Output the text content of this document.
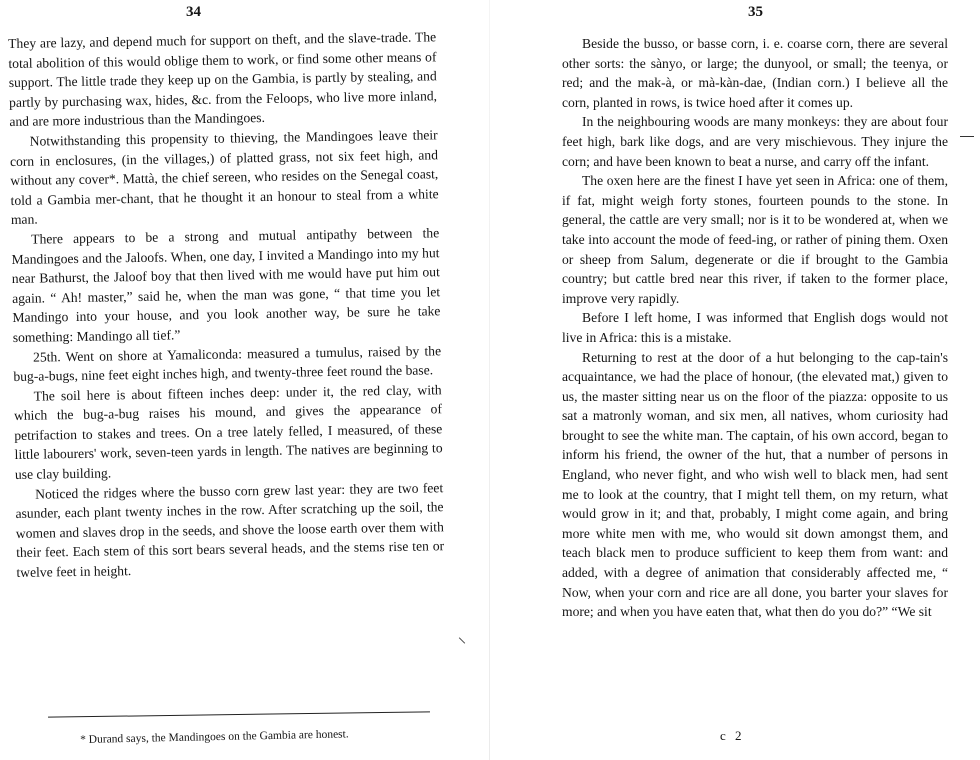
34

They are lazy, and depend much for support on theft, and the slave-trade. The total abolition of this would oblige them to work, or find some other means of support. The little trade they keep up on the Gambia, is partly by stealing, and partly by purchasing wax, hides, &c. from the Feloops, who live more inland, and are more industrious than the Mandingoes.

Notwithstanding this propensity to thieving, the Mandingoes leave their corn in enclosures, (in the villages,) of platted grass, not six feet high, and without any cover*. Mattà, the chief sereen, who resides on the Senegal coast, told a Gambia mer-chant, that he thought it an honour to steal from a white man.

There appears to be a strong and mutual antipathy between the Mandingoes and the Jaloofs. When, one day, I invited a Mandingo into my hut near Bathurst, the Jaloof boy that then lived with me would have put him out again. “ Ah! master,” said he, when the man was gone, “ that time you let Mandingo into your house, and you look another way, be sure he take something: Mandingo all tief.”

25th. Went on shore at Yamaliconda: measured a tumulus, raised by the bug-a-bugs, nine feet eight inches high, and twenty-three feet round the base.

The soil here is about fifteen inches deep: under it, the red clay, with which the bug-a-bug raises his mound, and gives the appearance of petrifaction to stakes and trees. On a tree lately felled, I measured, of these little labourers' work, seven-teen yards in length. The natives are beginning to use clay building.

Noticed the ridges where the busso corn grew last year: they are two feet asunder, each plant twenty inches in the row. After scratching up the soil, the women and slaves drop in the seeds, and shove the loose earth over them with their feet. Each stem of this sort bears several heads, and the stems rise ten or twelve feet in height.

* Durand says, the Mandingoes on the Gambia are honest.
35

Beside the busso, or basse corn, i. e. coarse corn, there are several other sorts: the sànyo, or large; the dunyool, or small; the teenya, or red; and the mak-à, or mà-kàn-dae, (Indian corn.) I believe all the corn, planted in rows, is twice hoed after it comes up.

In the neighbouring woods are many monkeys: they are about four feet high, bark like dogs, and are very mischievous. They injure the corn; and have been known to beat a nurse, and carry off the infant.

The oxen here are the finest I have yet seen in Africa: one of them, if fat, might weigh forty stones, fourteen pounds to the stone. In general, the cattle are very small; nor is it to be wondered at, when we take into account the mode of feed-ing, or rather of pining them. Oxen or sheep from Salum, degenerate or die if brought to the Gambia country; but cattle bred near this river, if taken to the former place, improve very rapidly.

Before I left home, I was informed that English dogs would not live in Africa: this is a mistake.

Returning to rest at the door of a hut belonging to the cap-tain's acquaintance, we had the place of honour, (the elevated mat,) given to us, the master sitting near us on the floor of the piazza: opposite to us sat a matronly woman, and six men, all natives, whom curiosity had brought to see the white man. The captain, of his own accord, began to inform his friend, the owner of the hut, that a number of persons in England, who never fight, and who wish well to black men, had sent me to look at the country, that I might tell them, on my return, what would grow in it; and that, probably, I might come again, and bring more white men with me, who would sit down amongst them, and teach black men to produce sufficient to keep them from want: and added, with a degree of animation that considerably affected me, “ Now, when your corn and rice are all done, you barter your slaves for more; and when you have eaten that, what then do you do?” “We sit

c 2
